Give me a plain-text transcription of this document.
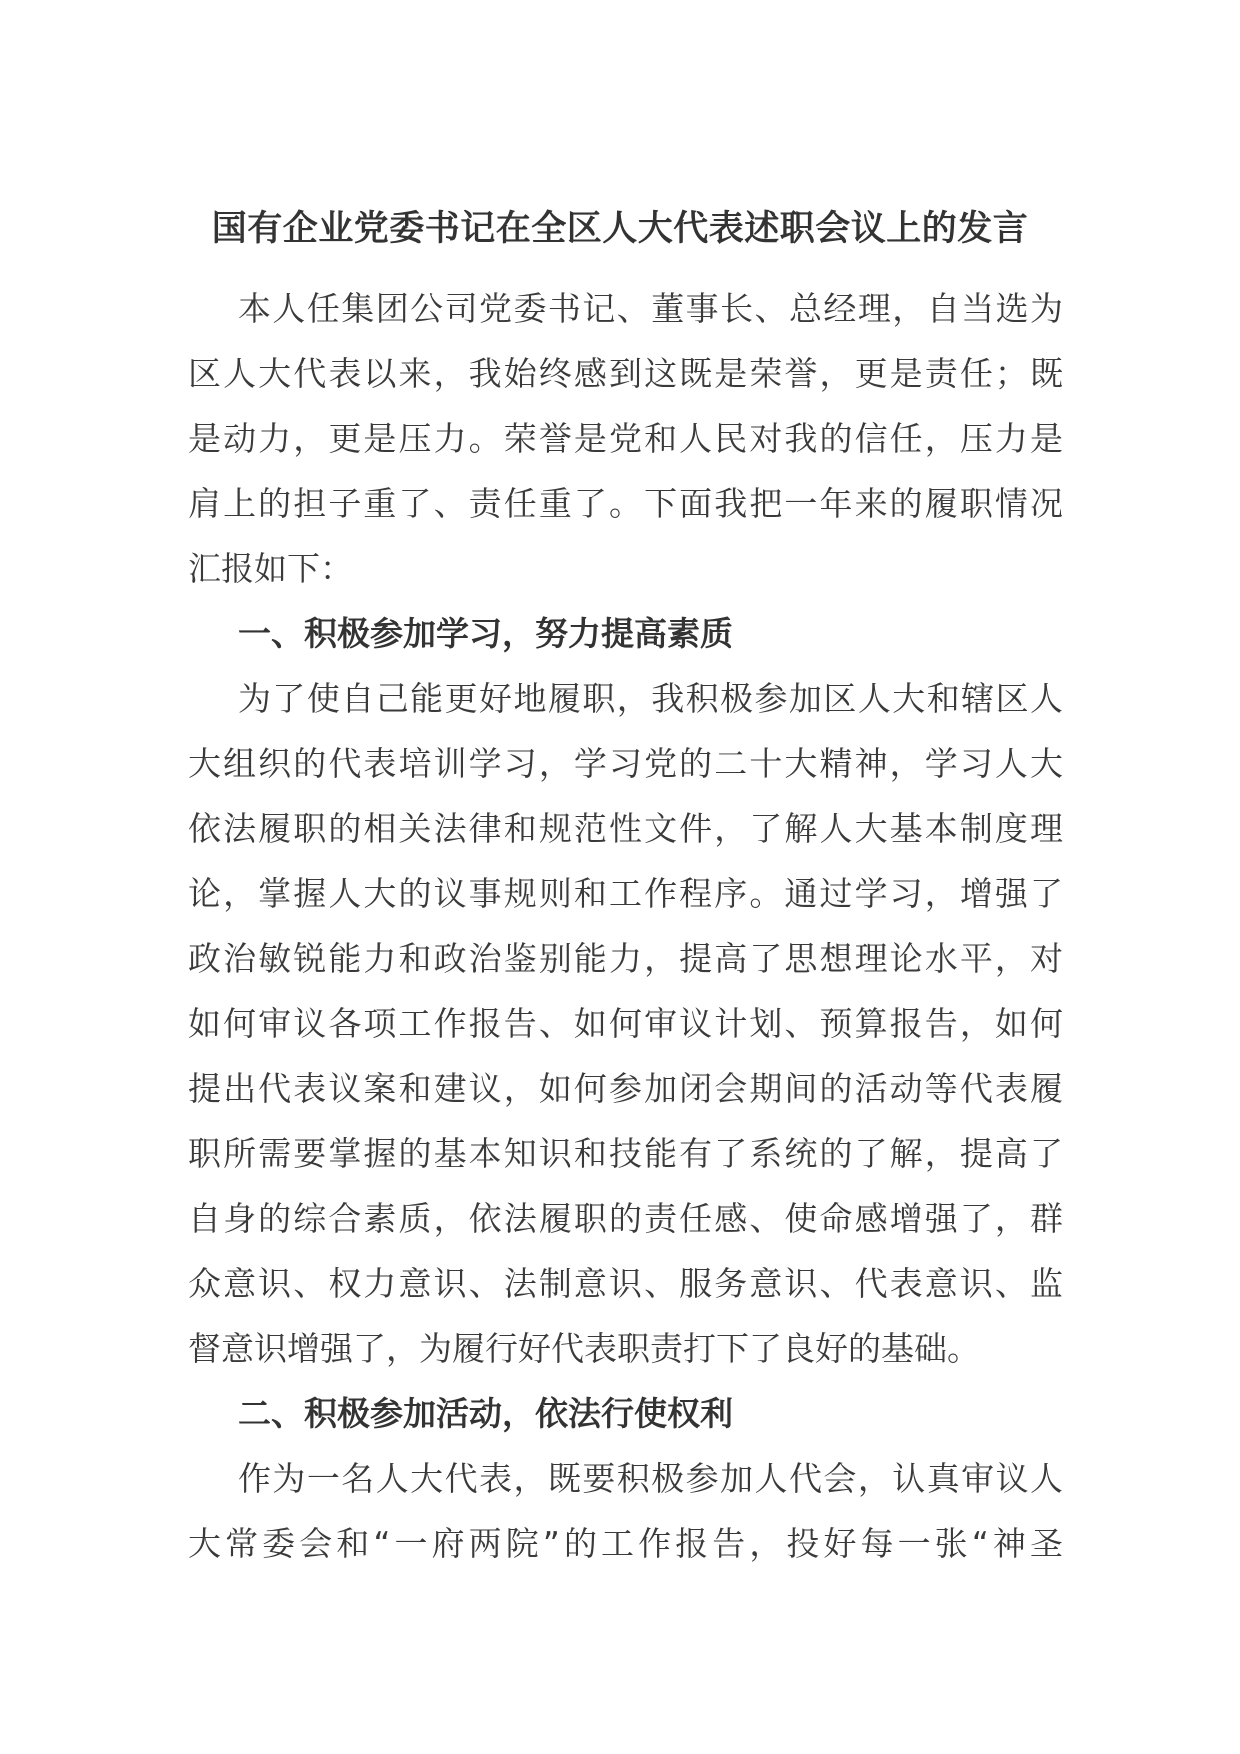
国有企业党委书记在全区人大代表述职会议上的发言
本人任集团公司党委书记、董事长、总经理，自当选为
区人大代表以来，我始终感到这既是荣誉，更是责任；既
是动力，更是压力。荣誉是党和人民对我的信任，压力是
肩上的担子重了、责任重了。下面我把一年来的履职情况
汇报如下：
一、积极参加学习，努力提高素质
为了使自己能更好地履职，我积极参加区人大和辖区人
大组织的代表培训学习，学习党的二十大精神，学习人大
依法履职的相关法律和规范性文件，了解人大基本制度理
论，掌握人大的议事规则和工作程序。通过学习，增强了
政治敏锐能力和政治鉴别能力，提高了思想理论水平，对
如何审议各项工作报告、如何审议计划、预算报告，如何
提出代表议案和建议，如何参加闭会期间的活动等代表履
职所需要掌握的基本知识和技能有了系统的了解，提高了
自身的综合素质，依法履职的责任感、使命感增强了，群
众意识、权力意识、法制意识、服务意识、代表意识、监
督意识增强了，为履行好代表职责打下了良好的基础。
二、积极参加活动，依法行使权利
作为一名人大代表，既要积极参加人代会，认真审议人
大常委会和“一府两院”的工作报告，投好每一张“神圣
